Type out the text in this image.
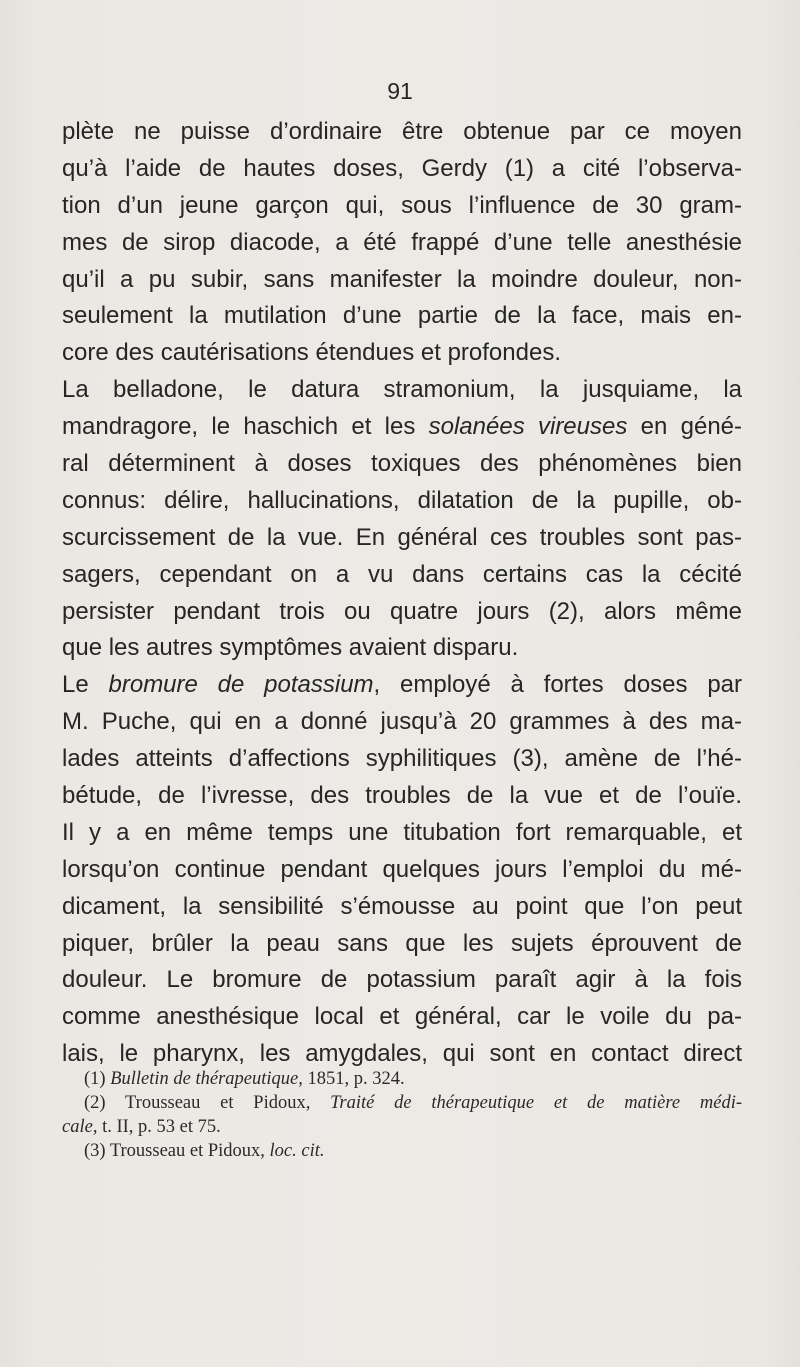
91
plète ne puisse d’ordinaire être obtenue par ce moyen
qu’à l’aide de hautes doses, Gerdy (1) a cité l’observa-
tion d’un jeune garçon qui, sous l’influence de 30 gram-
mes de sirop diacode, a été frappé d’une telle anesthésie
qu’il a pu subir, sans manifester la moindre douleur, non-
seulement la mutilation d’une partie de la face, mais en-
core des cautérisations étendues et profondes.
La belladone, le datura stramonium, la jusquiame, la
mandragore, le haschich et les solanées vireuses en géné-
ral déterminent à doses toxiques des phénomènes bien
connus: délire, hallucinations, dilatation de la pupille, ob-
scurcissement de la vue. En général ces troubles sont pas-
sagers, cependant on a vu dans certains cas la cécité
persister pendant trois ou quatre jours (2), alors même
que les autres symptômes avaient disparu.
Le bromure de potassium, employé à fortes doses par
M. Puche, qui en a donné jusqu’à 20 grammes à des ma-
lades atteints d’affections syphilitiques (3), amène de l’hé-
bétude, de l’ivresse, des troubles de la vue et de l’ouïe.
Il y a en même temps une titubation fort remarquable, et
lorsqu’on continue pendant quelques jours l’emploi du mé-
dicament, la sensibilité s’émousse au point que l’on peut
piquer, brûler la peau sans que les sujets éprouvent de
douleur. Le bromure de potassium paraît agir à la fois
comme anesthésique local et général, car le voile du pa-
lais, le pharynx, les amygdales, qui sont en contact direct
(1) Bulletin de thérapeutique, 1851, p. 324.
(2) Trousseau et Pidoux, Traité de thérapeutique et de matière médi-
cale, t. II, p. 53 et 75.
(3) Trousseau et Pidoux, loc. cit.
